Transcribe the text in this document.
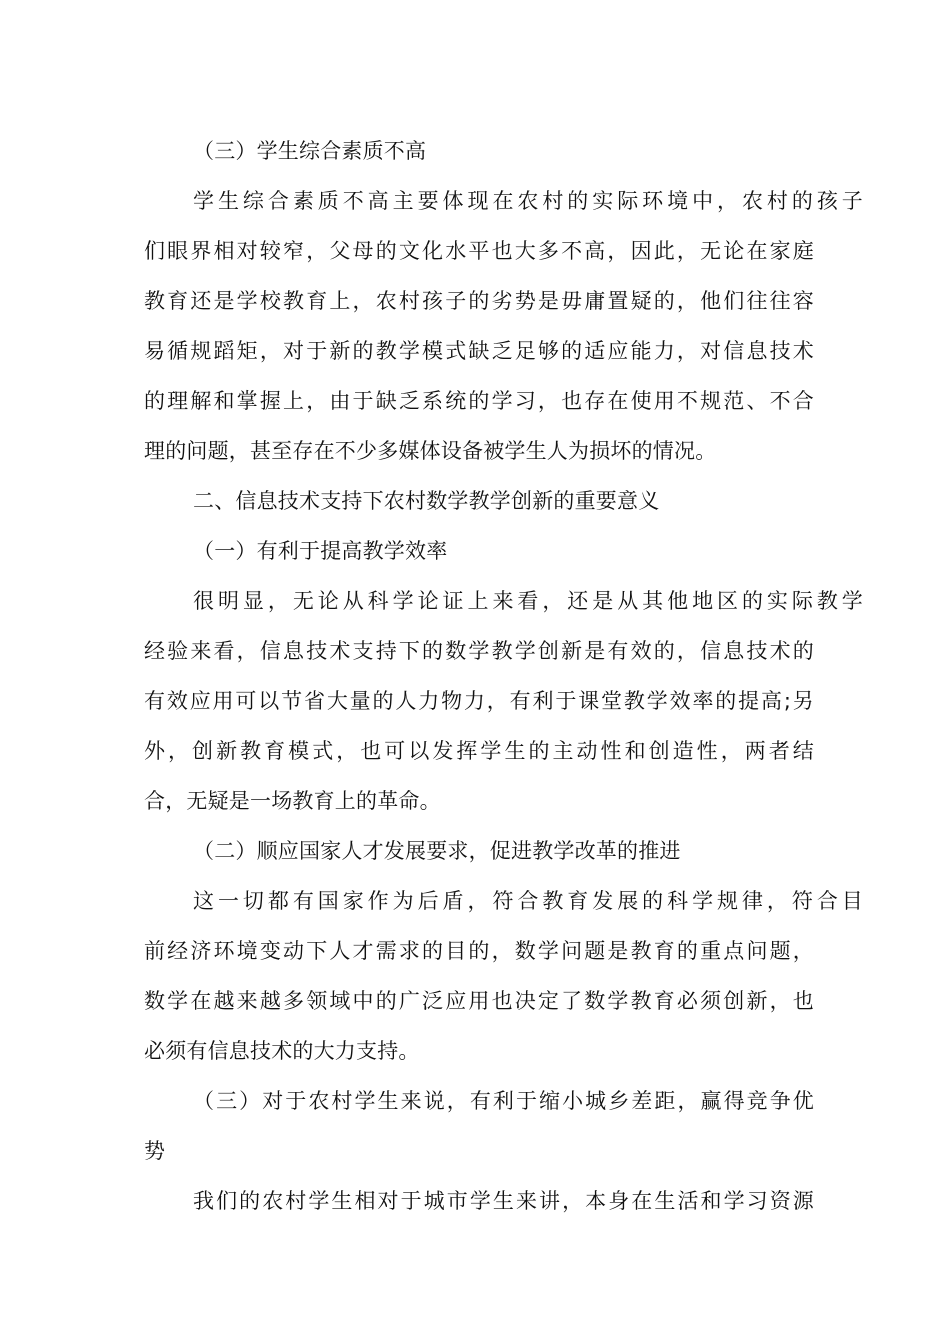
（三）学生综合素质不高
学生综合素质不高主要体现在农村的实际环境中，农村的孩子
们眼界相对较窄，父母的文化水平也大多不高，因此，无论在家庭
教育还是学校教育上，农村孩子的劣势是毋庸置疑的，他们往往容
易循规蹈矩，对于新的教学模式缺乏足够的适应能力，对信息技术
的理解和掌握上，由于缺乏系统的学习，也存在使用不规范、不合
理的问题，甚至存在不少多媒体设备被学生人为损坏的情况。
二、信息技术支持下农村数学教学创新的重要意义
（一）有利于提高教学效率
很明显，无论从科学论证上来看，还是从其他地区的实际教学
经验来看，信息技术支持下的数学教学创新是有效的，信息技术的
有效应用可以节省大量的人力物力，有利于课堂教学效率的提高;另
外，创新教育模式，也可以发挥学生的主动性和创造性，两者结
合，无疑是一场教育上的革命。
（二）顺应国家人才发展要求，促进教学改革的推进
这一切都有国家作为后盾，符合教育发展的科学规律，符合目
前经济环境变动下人才需求的目的，数学问题是教育的重点问题，
数学在越来越多领域中的广泛应用也决定了数学教育必须创新，也
必须有信息技术的大力支持。
（三）对于农村学生来说，有利于缩小城乡差距，赢得竞争优
势
我们的农村学生相对于城市学生来讲，本身在生活和学习资源
